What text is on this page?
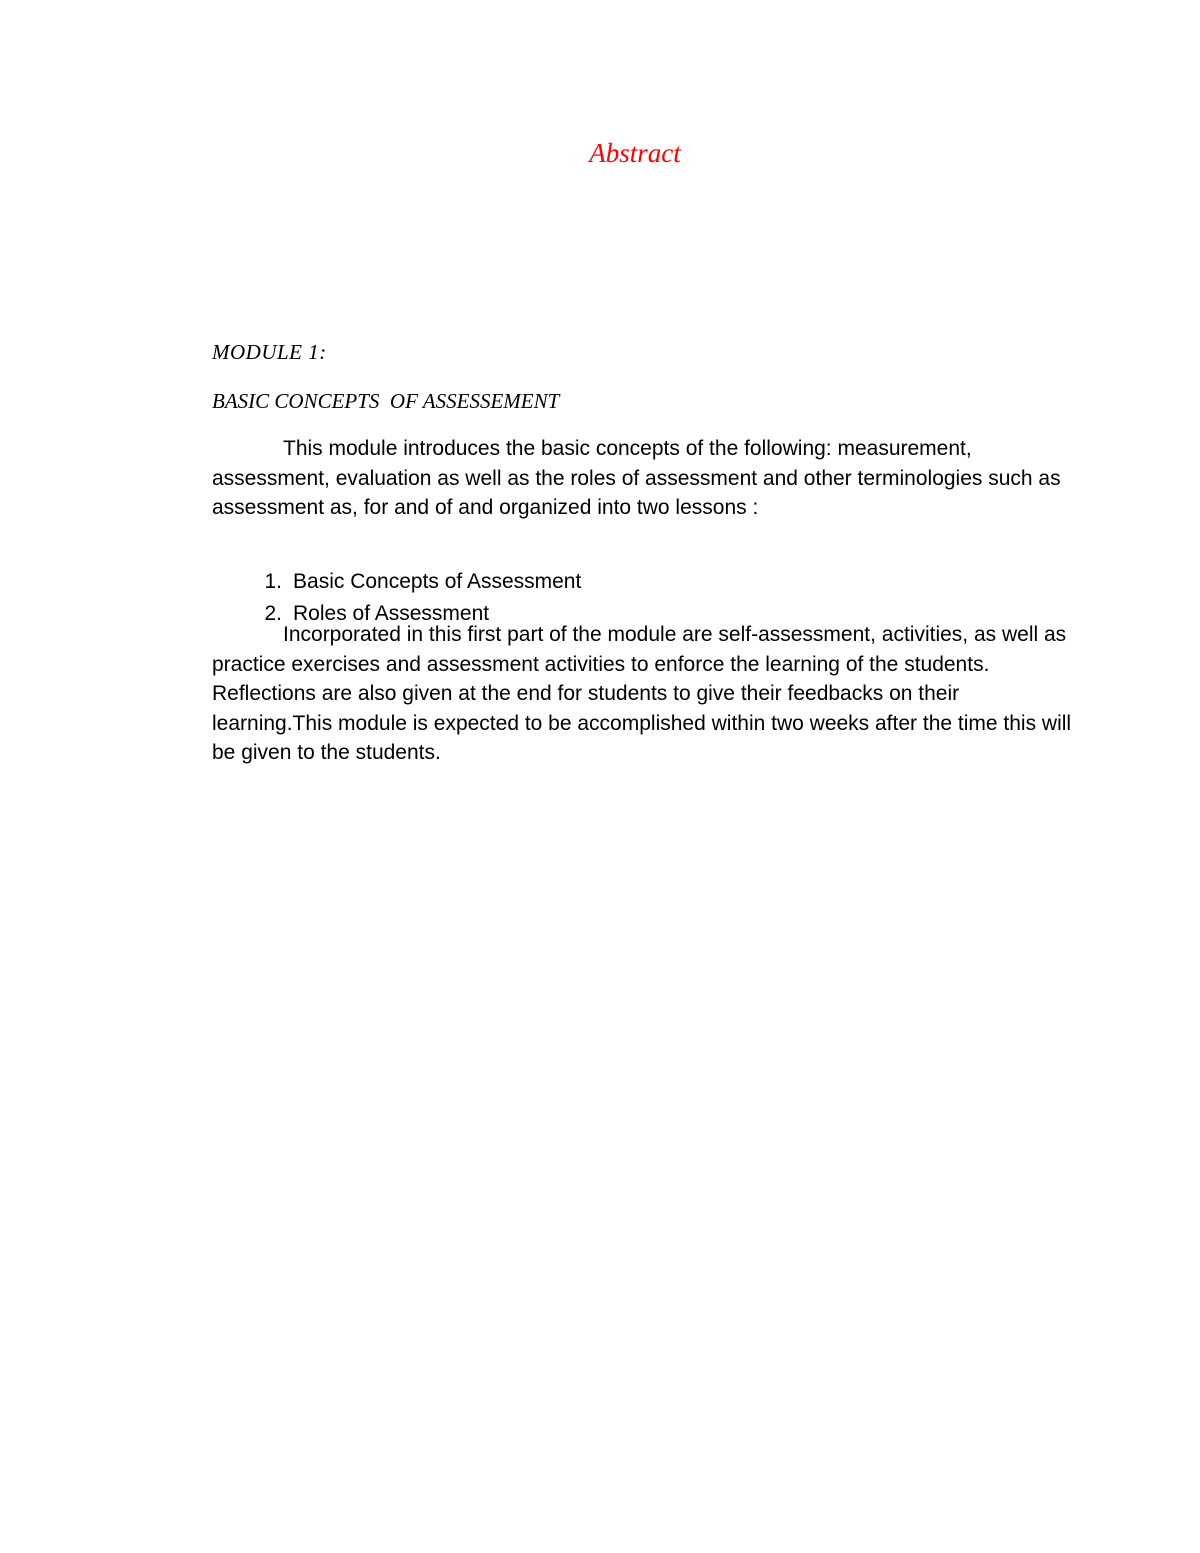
Abstract
MODULE 1:
BASIC CONCEPTS  OF ASSESSEMENT

This module introduces the basic concepts of the following: measurement, assessment, evaluation as well as the roles of assessment and other terminologies such as assessment as, for and of and organized into two lessons :

1. Basic Concepts of Assessment

2. Roles of Assessment

Incorporated in this first part of the module are self-assessment, activities, as well as practice exercises and assessment activities to enforce the learning of the students. Reflections are also given at the end for students to give their feedbacks on their learning.This module is expected to be accomplished within two weeks after the time this will be given to the students.
